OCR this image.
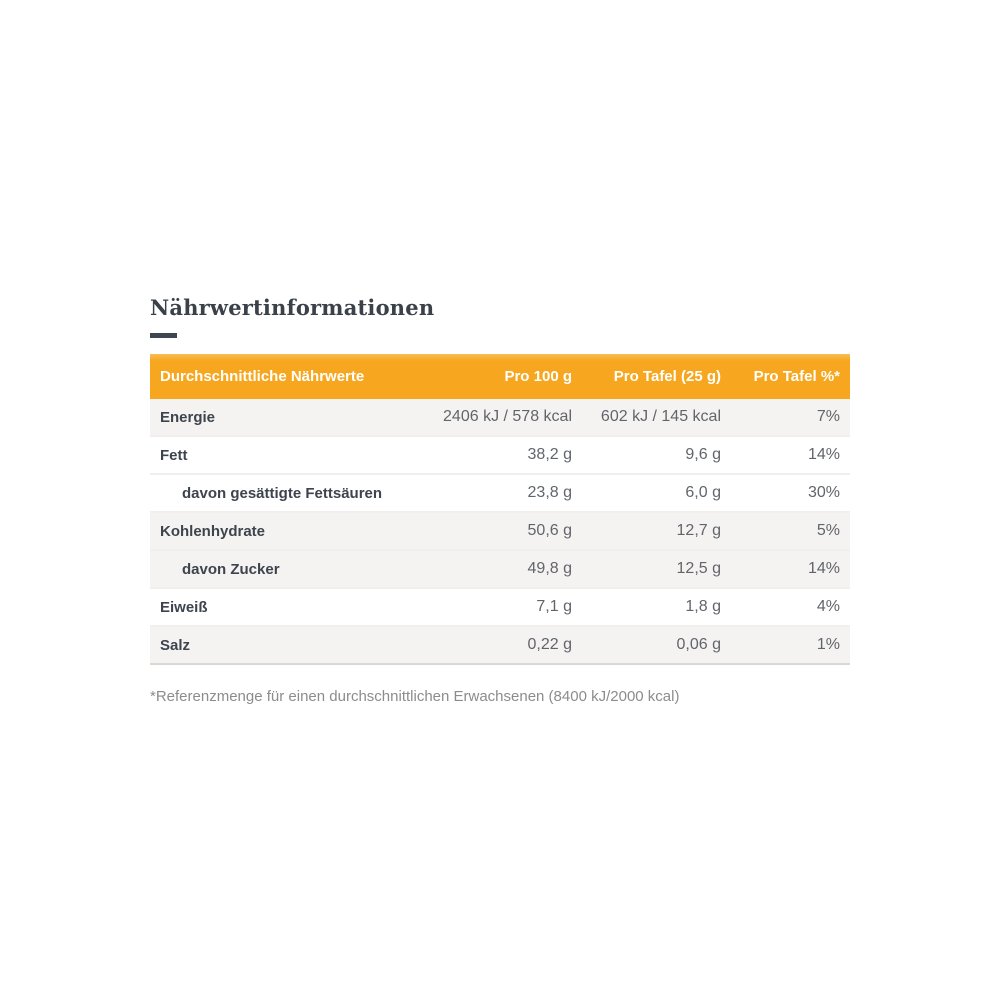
Nährwertinformationen
Durchschnittliche Nährwerte	Pro 100 g	Pro Tafel (25 g)	Pro Tafel %*
Energie	2406 kJ / 578 kcal	602 kJ / 145 kcal	7%
Fett	38,2 g	9,6 g	14%
davon gesättigte Fettsäuren	23,8 g	6,0 g	30%
Kohlenhydrate	50,6 g	12,7 g	5%
davon Zucker	49,8 g	12,5 g	14%
Eiweiß	7,1 g	1,8 g	4%
Salz	0,22 g	0,06 g	1%
*Referenzmenge für einen durchschnittlichen Erwachsenen (8400 kJ/2000 kcal)
